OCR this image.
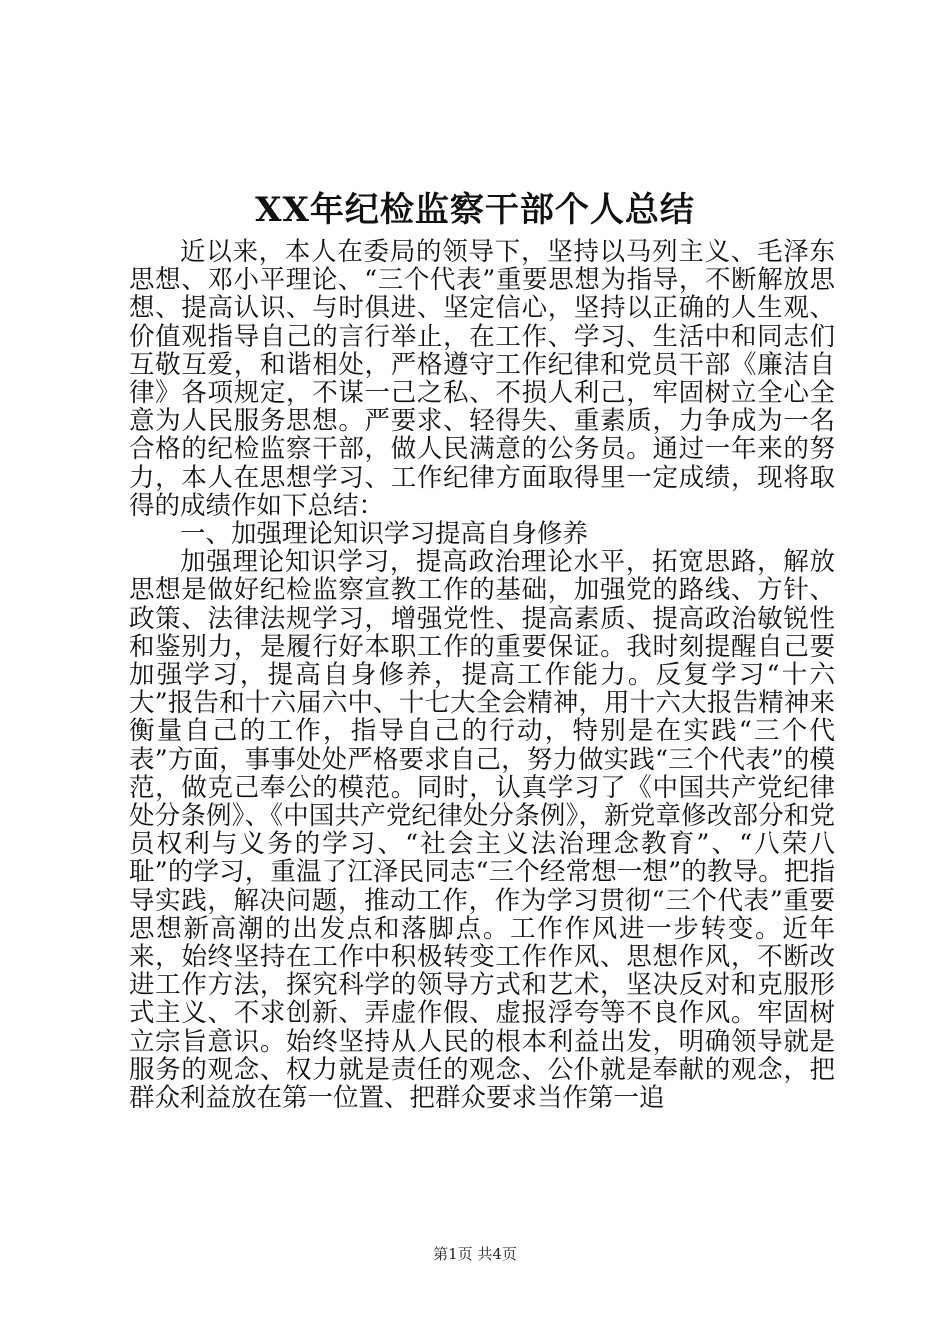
XX年纪检监察干部个人总结

近以来，本人在委局的领导下，坚持以马列主义、毛泽东思想、邓小平理论、“三个代表”重要思想为指导，不断解放思想、提高认识、与时俱进、坚定信心，坚持以正确的人生观、价值观指导自己的言行举止，在工作、学习、生活中和同志们互敬互爱，和谐相处，严格遵守工作纪律和党员干部《廉洁自律》各项规定，不谋一己之私、不损人利己，牢固树立全心全意为人民服务思想。严要求、轻得失、重素质，力争成为一名合格的纪检监察干部，做人民满意的公务员。通过一年来的努力，本人在思想学习、工作纪律方面取得里一定成绩，现将取得的成绩作如下总结：

一、加强理论知识学习提高自身修养

加强理论知识学习，提高政治理论水平，拓宽思路，解放思想是做好纪检监察宣教工作的基础，加强党的路线、方针、政策、法律法规学习，增强党性、提高素质、提高政治敏锐性和鉴别力，是履行好本职工作的重要保证。我时刻提醒自己要加强学习，提高自身修养，提高工作能力。反复学习“十六大”报告和十六届六中、十七大全会精神，用十六大报告精神来衡量自己的工作，指导自己的行动，特别是在实践“三个代表”方面，事事处处严格要求自己，努力做实践“三个代表”的模范，做克己奉公的模范。同时，认真学习了《中国共产党纪律处分条例》、《中国共产党纪律处分条例》，新党章修改部分和党员权利与义务的学习、“社会主义法治理念教育”、“八荣八耻”的学习，重温了江泽民同志“三个经常想一想”的教导。把指导实践，解决问题，推动工作，作为学习贯彻“三个代表”重要思想新高潮的出发点和落脚点。工作作风进一步转变。近年来，始终坚持在工作中积极转变工作作风、思想作风，不断改进工作方法，探究科学的领导方式和艺术，坚决反对和克服形式主义、不求创新、弄虚作假、虚报浮夸等不良作风。牢固树立宗旨意识。始终坚持从人民的根本利益出发，明确领导就是服务的观念、权力就是责任的观念、公仆就是奉献的观念，把群众利益放在第一位置、把群众要求当作第一追

第1页 共4页
